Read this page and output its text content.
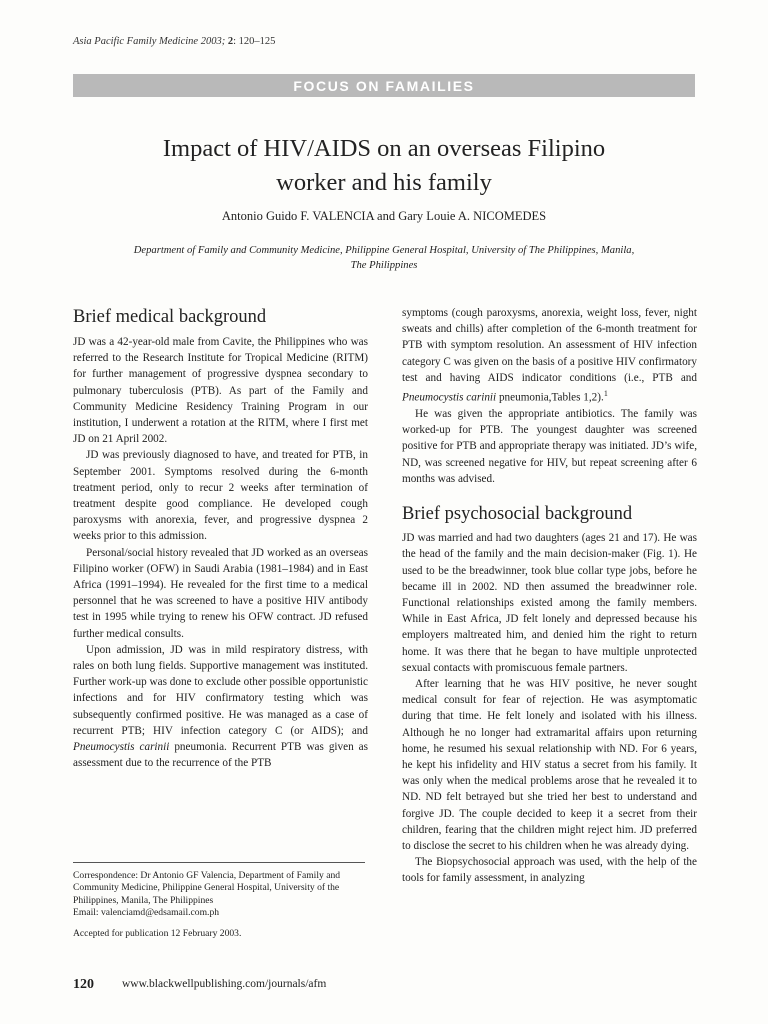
Asia Pacific Family Medicine 2003; 2: 120–125
FOCUS ON FAMAILIES
Impact of HIV/AIDS on an overseas Filipino
worker and his family
Antonio Guido F. VALENCIA and Gary Louie A. NICOMEDES
Department of Family and Community Medicine, Philippine General Hospital, University of The Philippines, Manila,
The Philippines
Brief medical background

JD was a 42-year-old male from Cavite, the Philippines who was referred to the Research Institute for Tropical Medicine (RITM) for further management of progressive dyspnea secondary to pulmonary tuberculosis (PTB). As part of the Family and Community Medicine Residency Training Program in our institution, I underwent a rotation at the RITM, where I first met JD on 21 April 2002.

JD was previously diagnosed to have, and treated for PTB, in September 2001. Symptoms resolved during the 6-month treatment period, only to recur 2 weeks after termination of treatment despite good compliance. He developed cough paroxysms with anorexia, fever, and progressive dyspnea 2 weeks prior to this admission.

Personal/social history revealed that JD worked as an overseas Filipino worker (OFW) in Saudi Arabia (1981–1984) and in East Africa (1991–1994). He revealed for the first time to a medical personnel that he was screened to have a positive HIV antibody test in 1995 while trying to renew his OFW contract. JD refused further medical consults.

Upon admission, JD was in mild respiratory distress, with rales on both lung fields. Supportive management was instituted. Further work-up was done to exclude other possible opportunistic infections and for HIV confirmatory testing which was subsequently confirmed positive. He was managed as a case of recurrent PTB; HIV infection category C (or AIDS); and Pneumocystis carinii pneumonia. Recurrent PTB was given as assessment due to the recurrence of the PTB

symptoms (cough paroxysms, anorexia, weight loss, fever, night sweats and chills) after completion of the 6-month treatment for PTB with symptom resolution. An assessment of HIV infection category C was given on the basis of a positive HIV confirmatory test and having AIDS indicator conditions (i.e., PTB and Pneumocystis carinii pneumonia,Tables 1,2).$^1$

He was given the appropriate antibiotics. The family was worked-up for PTB. The youngest daughter was screened positive for PTB and appropriate therapy was initiated. JD’s wife, ND, was screened negative for HIV, but repeat screening after 6 months was advised.

Brief psychosocial background

JD was married and had two daughters (ages 21 and 17). He was the head of the family and the main decision-maker (Fig. 1). He used to be the breadwinner, took blue collar type jobs, before he became ill in 2002. ND then assumed the breadwinner role. Functional relationships existed among the family members. While in East Africa, JD felt lonely and depressed because his employers maltreated him, and denied him the right to return home. It was there that he began to have multiple unprotected sexual contacts with promiscuous female partners.

After learning that he was HIV positive, he never sought medical consult for fear of rejection. He was asymptomatic during that time. He felt lonely and isolated with his illness. Although he no longer had extramarital affairs upon returning home, he resumed his sexual relationship with ND. For 6 years, he kept his infidelity and HIV status a secret from his family. It was only when the medical problems arose that he revealed it to ND. ND felt betrayed but she tried her best to understand and forgive JD. The couple decided to keep it a secret from their children, fearing that the children might reject him. JD preferred to disclose the secret to his children when he was already dying.

The Biopsychosocial approach was used, with the help of the tools for family assessment, in analyzing

Correspondence: Dr Antonio GF Valencia, Department of Family and Community Medicine, Philippine General Hospital, University of the Philippines, Manila, The Philippines
Email: valenciamd@edsamail.com.ph
Accepted for publication 12 February 2003.
120 www.blackwellpublishing.com/journals/afm
